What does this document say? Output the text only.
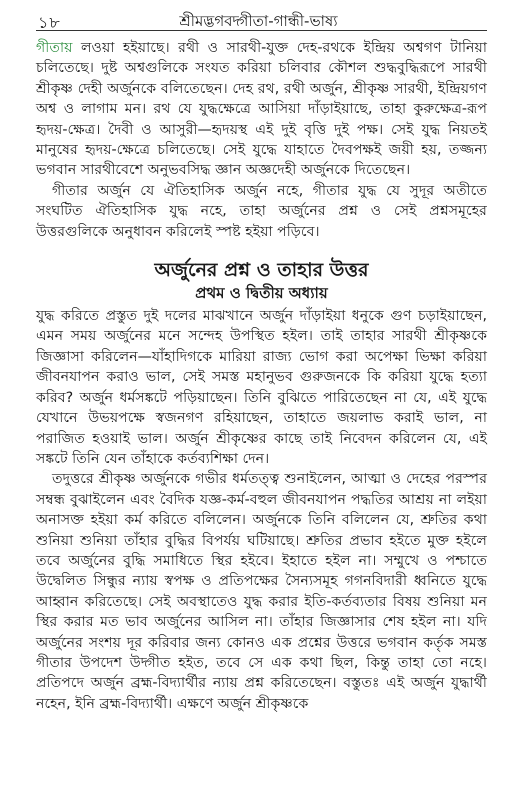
১৮	শ্রীমদ্ভগবদ্গীতা-গান্ধী-ভাষ্য

গীতায় লওয়া হইয়াছে। রথী ও সারথী-যুক্ত দেহ-রথকে ইন্দ্রিয় অশ্বগণ টানিয়া চলিতেছে। দুষ্ট অশ্বগুলিকে সংযত করিয়া চলিবার কৌশল শুদ্ধবুদ্ধিরূপে সারথী শ্রীকৃষ্ণ দেহী অর্জুনকে বলিতেছেন। দেহ রথ, রথী অর্জুন, শ্রীকৃষ্ণ সারথী, ইন্দ্রিয়গণ অশ্ব ও লাগাম মন। রথ যে যুদ্ধক্ষেত্রে আসিয়া দাঁড়াইয়াছে, তাহা কুরুক্ষেত্র-রূপ হৃদয়-ক্ষেত্র। দৈবী ও আসুরী—হৃদয়স্থ এই দুই বৃত্তি দুই পক্ষ। সেই যুদ্ধ নিয়তই মানুষের হৃদয়-ক্ষেত্রে চলিতেছে। সেই যুদ্ধে যাহাতে দৈবপক্ষই জয়ী হয়, তজ্জন্য ভগবান সারথীবেশে অনুভবসিদ্ধ জ্ঞান অজ্ঞদেহী অর্জুনকে দিতেছেন।

গীতার অর্জুন যে ঐতিহাসিক অর্জুন নহে, গীতার যুদ্ধ যে সুদূর অতীতে সংঘটিত ঐতিহাসিক যুদ্ধ নহে, তাহা অর্জুনের প্রশ্ন ও সেই প্রশ্নসমূহের উত্তরগুলিকে অনুধাবন করিলেই স্পষ্ট হইয়া পড়িবে।

অর্জুনের প্রশ্ন ও তাহার উত্তর
প্রথম ও দ্বিতীয় অধ্যায়

যুদ্ধ করিতে প্রস্তুত দুই দলের মাঝখানে অর্জুন দাঁড়াইয়া ধনুকে গুণ চড়াইয়াছেন, এমন সময় অর্জুনের মনে সন্দেহ উপস্থিত হইল। তাই তাহার সারথী শ্রীকৃষ্ণকে জিজ্ঞাসা করিলেন—যাঁহাদিগকে মারিয়া রাজ্য ভোগ করা অপেক্ষা ভিক্ষা করিয়া জীবনযাপন করাও ভাল, সেই সমস্ত মহানুভব গুরুজনকে কি করিয়া যুদ্ধে হত্যা করিব? অর্জুন ধর্মসঙ্কটে পড়িয়াছেন। তিনি বুঝিতে পারিতেছেন না যে, এই যুদ্ধে যেখানে উভয়পক্ষে স্বজনগণ রহিয়াছেন, তাহাতে জয়লাভ করাই ভাল, না পরাজিত হওয়াই ভাল। অর্জুন শ্রীকৃষ্ণের কাছে তাই নিবেদন করিলেন যে, এই সঙ্কটে তিনি যেন তাঁহাকে কর্তব্যশিক্ষা দেন।

তদুত্তরে শ্রীকৃষ্ণ অর্জুনকে গভীর ধর্মতত্ত্ব শুনাইলেন, আত্মা ও দেহের পরস্পর সম্বন্ধ বুঝাইলেন এবং বৈদিক যজ্ঞ-কর্ম-বহুল জীবনযাপন পদ্ধতির আশ্রয় না লইয়া অনাসক্ত হইয়া কর্ম করিতে বলিলেন। অর্জুনকে তিনি বলিলেন যে, শ্রুতির কথা শুনিয়া শুনিয়া তাঁহার বুদ্ধির বিপর্যয় ঘটিয়াছে। শ্রুতির প্রভাব হইতে মুক্ত হইলে তবে অর্জুনের বুদ্ধি সমাধিতে স্থির হইবে। ইহাতে হইল না। সম্মুখে ও পশ্চাতে উদ্বেলিত সিন্ধুর ন্যায় স্বপক্ষ ও প্রতিপক্ষের সৈন্যসমূহ গগনবিদারী ধ্বনিতে যুদ্ধে আহ্বান করিতেছে। সেই অবস্থাতেও যুদ্ধ করার ইতি-কর্তব্যতার বিষয় শুনিয়া মন স্থির করার মত ভাব অর্জুনের আসিল না। তাঁহার জিজ্ঞাসার শেষ হইল না। যদি অর্জুনের সংশয় দূর করিবার জন্য কোনও এক প্রশ্নের উত্তরে ভগবান কর্তৃক সমস্ত গীতার উপদেশ উদ্গীত হইত, তবে সে এক কথা ছিল, কিন্তু তাহা তো নহে। প্রতিপদে অর্জুন ব্রহ্ম-বিদ্যার্থীর ন্যায় প্রশ্ন করিতেছেন। বস্তুতঃ এই অর্জুন যুদ্ধার্থী নহেন, ইনি ব্রহ্ম-বিদ্যার্থী। এক্ষণে অর্জুন শ্রীকৃষ্ণকে
